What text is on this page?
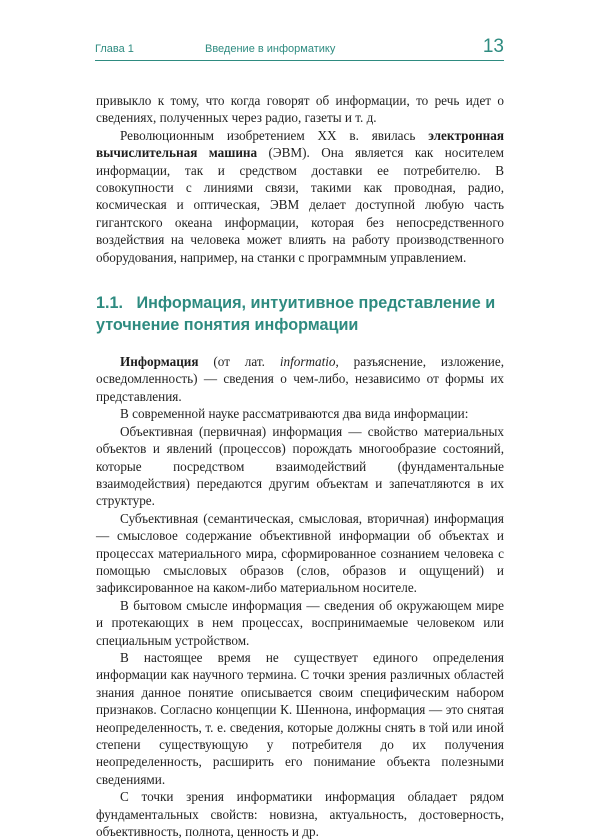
Глава 1	Введение в информатику	13

привыкло к тому, что когда говорят об информации, то речь идет о сведениях, полученных через радио, газеты и т. д.

Революционным изобретением XX в. явилась электронная вычислительная машина (ЭВМ). Она является как носителем информации, так и средством доставки ее потребителю. В совокупности с линиями связи, такими как проводная, радио, космическая и оптическая, ЭВМ делает доступной любую часть гигантского океана информации, которая без непосредственного воздействия на человека может влиять на работу производственного оборудования, например, на станки с программным управлением.

1.1. Информация, интуитивное представление и уточнение понятия информации

Информация (от лат. informatio, разъяснение, изложение, осведомленность) — сведения о чем-либо, независимо от формы их представления.

В современной науке рассматриваются два вида информации:

Объективная (первичная) информация — свойство материальных объектов и явлений (процессов) порождать многообразие состояний, которые посредством взаимодействий (фундаментальные взаимодействия) передаются другим объектам и запечатляются в их структуре.

Субъективная (семантическая, смысловая, вторичная) информация — смысловое содержание объективной информации об объектах и процессах материального мира, сформированное сознанием человека с помощью смысловых образов (слов, образов и ощущений) и зафиксированное на каком-либо материальном носителе.

В бытовом смысле информация — сведения об окружающем мире и протекающих в нем процессах, воспринимаемые человеком или специальным устройством.

В настоящее время не существует единого определения информации как научного термина. С точки зрения различных областей знания данное понятие описывается своим специфическим набором признаков. Согласно концепции К. Шеннона, информация — это снятая неопределенность, т. е. сведения, которые должны снять в той или иной степени существующую у потребителя до их получения неопределенность, расширить его понимание объекта полезными сведениями.

С точки зрения информатики информация обладает рядом фундаментальных свойств: новизна, актуальность, достоверность, объективность, полнота, ценность и др.
